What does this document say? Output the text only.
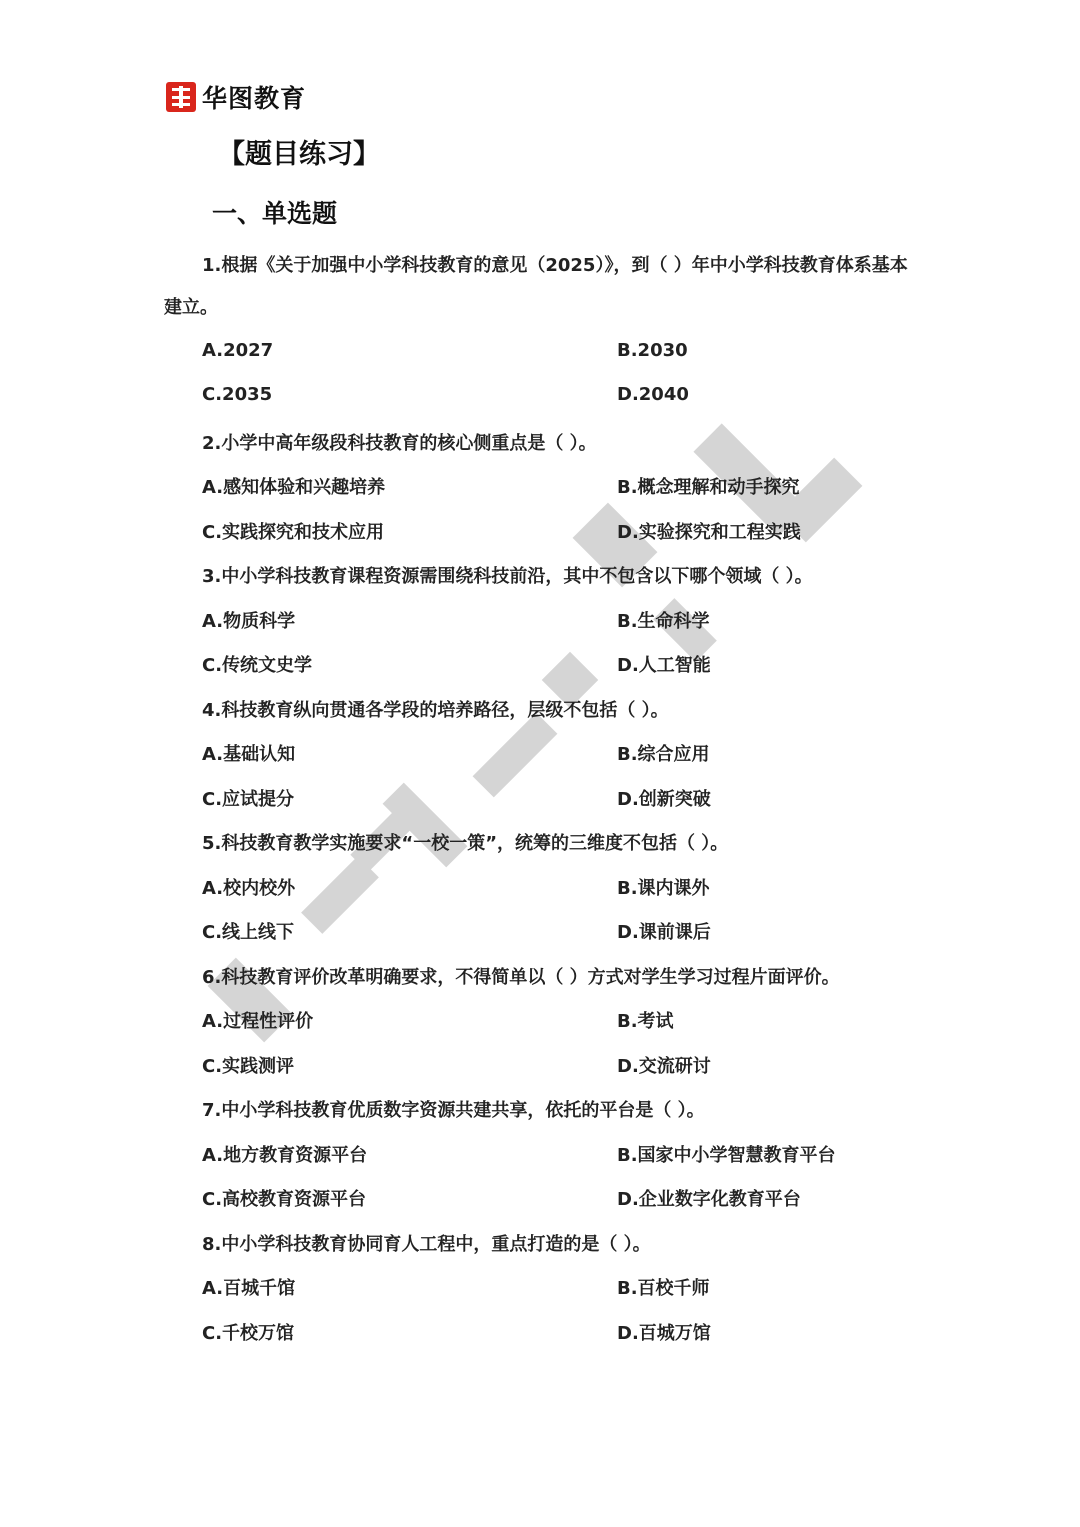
华图教育
【题目练习】
一、单选题
1.根据《关于加强中小学科技教育的意见（2025）》，到（ ）年中小学科技教育体系基本建立。
A.2027	B.2030
C.2035	D.2040
2.小学中高年级段科技教育的核心侧重点是（ ）。
A.感知体验和兴趣培养	B.概念理解和动手探究
C.实践探究和技术应用	D.实验探究和工程实践
3.中小学科技教育课程资源需围绕科技前沿，其中不包含以下哪个领域（ ）。
A.物质科学	B.生命科学
C.传统文史学	D.人工智能
4.科技教育纵向贯通各学段的培养路径，层级不包括（ ）。
A.基础认知	B.综合应用
C.应试提分	D.创新突破
5.科技教育教学实施要求“一校一策”，统筹的三维度不包括（ ）。
A.校内校外	B.课内课外
C.线上线下	D.课前课后
6.科技教育评价改革明确要求，不得简单以（ ）方式对学生学习过程片面评价。
A.过程性评价	B.考试
C.实践测评	D.交流研讨
7.中小学科技教育优质数字资源共建共享，依托的平台是（ ）。
A.地方教育资源平台	B.国家中小学智慧教育平台
C.高校教育资源平台	D.企业数字化教育平台
8.中小学科技教育协同育人工程中，重点打造的是（ ）。
A.百城千馆	B.百校千师
C.千校万馆	D.百城万馆
